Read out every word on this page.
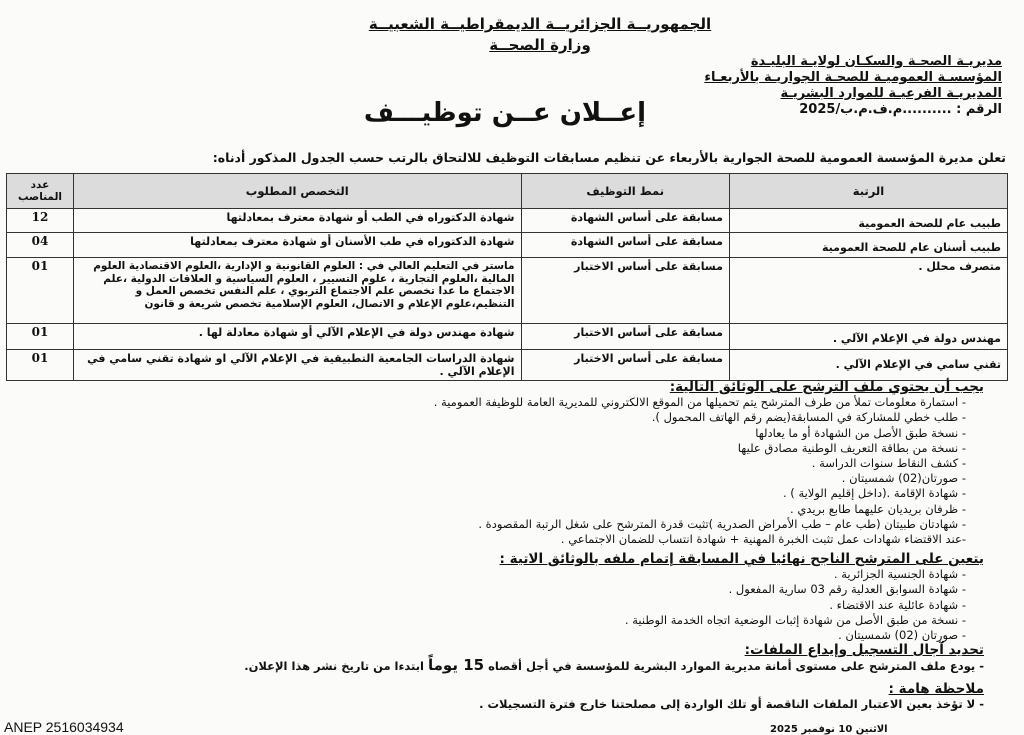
الجمهوريــة الجزائريــة الديمقراطيــة الشعبيــة
وزارة الصحــة
مديريـة الصحـة والسكـان لولايـة البليـدة
المؤسسـة العموميـة للصحـة الجواريـة بالأربعـاء
المديريـة الفرعيـة للموارد البشريـة
الرقم : ..........م.ف.م.ب/2025
إعــلان عــن توظيـــف
تعلن مديرة المؤسسة العمومية للصحة الجوارية بالأربعاء عن تنظيم مسابقات التوظيف للالتحاق بالرتب حسب الجدول المذكور أدناه:
الرتبة	نمط التوظيف	التخصص المطلوب	عدد المناصب
طبيب عام للصحة العمومية	مسابقة على أساس الشهادة	شهادة الدكتوراه في الطب أو شهادة معترف بمعادلتها	12
طبيب أسنان عام للصحة العمومية	مسابقة على أساس الشهادة	شهادة الدكتوراه في طب الأسنان أو شهادة معترف بمعادلتها	04
متصرف محلل .	مسابقة على أساس الاختبار	ماستر في التعليم العالي في : العلوم القانونية و الإدارية ،العلوم الاقتصادية العلوم المالية ،العلوم التجارية ، علوم التسيير ، العلوم السياسية و العلاقات الدولية ،علم الاجتماع ما عدا تخصص علم الاجتماع التربوي ، علم النفس تخصص العمل و التنظيم،علوم الإعلام و الاتصال، العلوم الإسلامية تخصص شريعة و قانون	01
مهندس دولة في الإعلام الآلي .	مسابقة على أساس الاختبار	شهادة مهندس دولة في الإعلام الآلي أو شهادة معادلة لها .	01
تقني سامي في الإعلام الآلي .	مسابقة على أساس الاختبار	شهادة الدراسات الجامعية التطبيقية في الإعلام الآلي او شهادة تقني سامي في الإعلام الآلي .	01
يجب أن يحتوي ملف الترشح على الوثائق التالية:
- استمارة معلومات تملأ من طرف المترشح يتم تحميلها من الموقع الالكتروني للمديرية العامة للوظيفة العمومية .
- طلب خطي للمشاركة في المسابقة(يضم رقم الهاتف المحمول ).
- نسخة طبق الأصل من الشهادة أو ما يعادلها
- نسخة من بطاقة التعريف الوطنية مصادق عليها
- كشف النقاط سنوات الدراسة .
- صورتان(02) شمسيتان .
- شهادة الإقامة .(داخل إقليم الولاية ) .
- ظرفان بريديان عليهما طابع بريدي .
- شهادتان طبيتان (طب عام – طب الأمراض الصدرية )تثبت قدرة المترشح على شغل الرتبة المقصودة .
-عند الاقتضاء شهادات عمل تثبت الخبرة المهنية + شهادة انتساب للضمان الاجتماعي .
يتعين على المترشح الناجح نهائيا في المسابقة إتمام ملفه بالوثائق الاتية :
- شهادة الجنسية الجزائرية .
- شهادة السوابق العدلية رقم 03 سارية المفعول .
- شهادة عائلية عند الاقتضاء .
- نسخة من طبق الأصل من شهادة إثبات الوضعية اتجاه الخدمة الوطنية .
- صورتان (02) شمسيتان .
تحديد آجال التسجيل وإيداع الملفات:
- يودع ملف المترشح على مستوى أمانة مديرية الموارد البشرية للمؤسسة في أجل أقصاه 15 يوماً ابتدءا من تاريخ نشر هذا الإعلان.
ملاحظة هامة :
- لا تؤخذ بعين الاعتبار الملفات الناقصة أو تلك الواردة إلى مصلحتنا خارج فترة التسجيلات .
ANEP 2516034934	الاثنين 10 نوفمبر 2025
